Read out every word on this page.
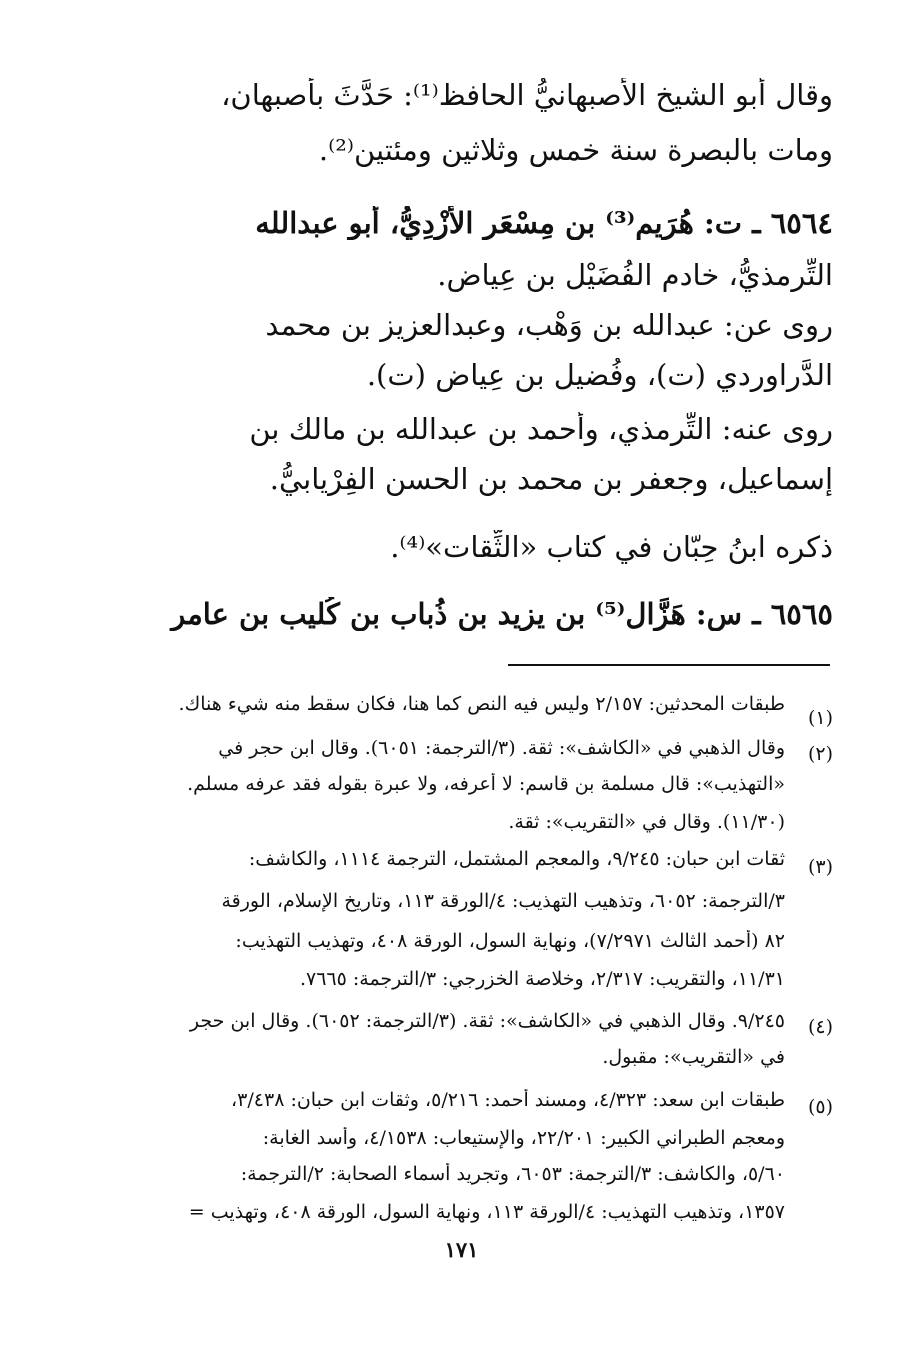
وقال أبو الشيخ الأَصبهانيُّ الحافظ⁽¹⁾: حَدَّثَ بأصبهان،
ومات بالبصرة سنة خمس وثلاثين ومئتين⁽²⁾.
٦٥٦٤ ـ ت: هُرَيم⁽³⁾ بن مِسْعَر الأَزْدِيُّ، أبو عبدالله
التِّرمذيُّ، خادم الفُضَيْل بن عِياض.
روى عن: عبدالله بن وَهْب، وعبدالعزيز بن محمد
الدَّراوردي (ت)، وفُضيل بن عِياض (ت).
روى عنه: التِّرمذي، وأحمد بن عبدالله بن مالك بن
إسماعيل، وجعفر بن محمد بن الحسن الفِرْيابيُّ.
ذكره ابنُ حِبّان في كتاب «الثِّقات»⁽⁴⁾.
٦٥٦٥ ـ س: هَزَّال⁽⁵⁾ بن يزيد بن ذُباب بن كُليب بن عامر
(١)
طبقات المحدثين: ٢/١٥٧ وليس فيه النص كما هنا، فكان سقط منه شيء هناك.
(٢)
وقال الذهبي في «الكاشف»: ثقة. (٣/الترجمة: ٦٠٥١). وقال ابن حجر في
«التهذيب»: قال مسلمة بن قاسم: لا أعرفه، ولا عبرة بقوله فقد عرفه مسلم.
(١١/٣٠). وقال في «التقريب»: ثقة.
(٣)
ثقات ابن حبان: ٩/٢٤٥، والمعجم المشتمل، الترجمة ١١١٤، والكاشف:
٣/الترجمة: ٦٠٥٢، وتذهيب التهذيب: ٤/الورقة ١١٣، وتاريخ الإسلام، الورقة
٨٢ (أحمد الثالث ٧/٢٩٧١)، ونهاية السول، الورقة ٤٠٨، وتهذيب التهذيب:
١١/٣١، والتقريب: ٢/٣١٧، وخلاصة الخزرجي: ٣/الترجمة: ٧٦٦٥.
(٤)
٩/٢٤٥. وقال الذهبي في «الكاشف»: ثقة. (٣/الترجمة: ٦٠٥٢). وقال ابن حجر
في «التقريب»: مقبول.
(٥)
طبقات ابن سعد: ٤/٣٢٣، ومسند أحمد: ٥/٢١٦، وثقات ابن حبان: ٣/٤٣٨،
ومعجم الطبراني الكبير: ٢٢/٢٠١، والإستيعاب: ٤/١٥٣٨، وأسد الغابة:
٥/٦٠، والكاشف: ٣/الترجمة: ٦٠٥٣، وتجريد أسماء الصحابة: ٢/الترجمة:
١٣٥٧، وتذهيب التهذيب: ٤/الورقة ١١٣، ونهاية السول، الورقة ٤٠٨، وتهذيب =
١٧١
